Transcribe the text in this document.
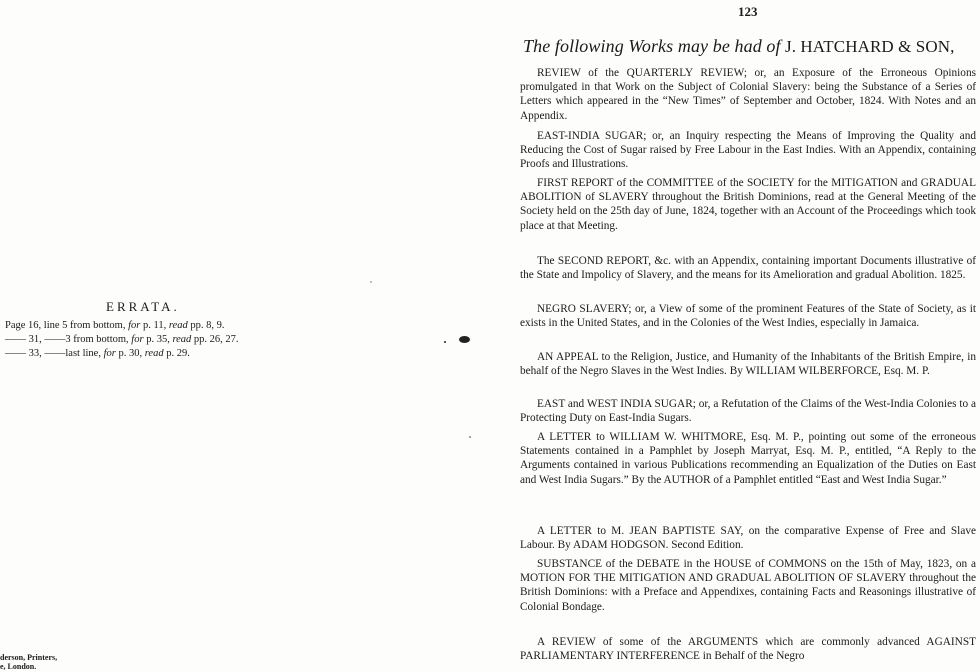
ERRATA.
Page 16, line 5 from bottom, for p. 11, read pp. 8, 9.
—— 31, ——3 from bottom, for p. 35, read pp. 26, 27.
—— 33, ——last line, for p. 30, read p. 29.
derson, Printers,
e, London.
123
The following Works may be had of J. HATCHARD & SON,

REVIEW of the QUARTERLY REVIEW; or, an Exposure of the Erroneous Opinions promulgated in that Work on the Subject of Colonial Slavery: being the Substance of a Series of Letters which appeared in the “New Times” of September and October, 1824. With Notes and an Appendix.

EAST-INDIA SUGAR; or, an Inquiry respecting the Means of Improving the Quality and Reducing the Cost of Sugar raised by Free Labour in the East Indies. With an Appendix, containing Proofs and Illustrations.

FIRST REPORT of the COMMITTEE of the SOCIETY for the MITIGATION and GRADUAL ABOLITION of SLAVERY throughout the British Dominions, read at the General Meeting of the Society held on the 25th day of June, 1824, together with an Account of the Proceedings which took place at that Meeting.

The SECOND REPORT, &c. with an Appendix, containing important Documents illustrative of the State and Impolicy of Slavery, and the means for its Amelioration and gradual Abolition. 1825.

NEGRO SLAVERY; or, a View of some of the prominent Features of the State of Society, as it exists in the United States, and in the Colonies of the West Indies, especially in Jamaica.

AN APPEAL to the Religion, Justice, and Humanity of the Inhabitants of the British Empire, in behalf of the Negro Slaves in the West Indies. By WILLIAM WILBERFORCE, Esq. M. P.

EAST and WEST INDIA SUGAR; or, a Refutation of the Claims of the West-India Colonies to a Protecting Duty on East-India Sugars.

A LETTER to WILLIAM W. WHITMORE, Esq. M. P., pointing out some of the erroneous Statements contained in a Pamphlet by Joseph Marryat, Esq. M. P., entitled, “A Reply to the Arguments contained in various Publications recommending an Equalization of the Duties on East and West India Sugars.” By the AUTHOR of a Pamphlet entitled “East and West India Sugar.”

A LETTER to M. JEAN BAPTISTE SAY, on the comparative Expense of Free and Slave Labour. By ADAM HODGSON. Second Edition.

SUBSTANCE of the DEBATE in the HOUSE of COMMONS on the 15th of May, 1823, on a MOTION FOR THE MITIGATION AND GRADUAL ABOLITION OF SLAVERY throughout the British Dominions: with a Preface and Appendixes, containing Facts and Reasonings illustrative of Colonial Bondage.

A REVIEW of some of the ARGUMENTS which are commonly advanced AGAINST PARLIAMENTARY INTERFERENCE in Behalf of the Negro
